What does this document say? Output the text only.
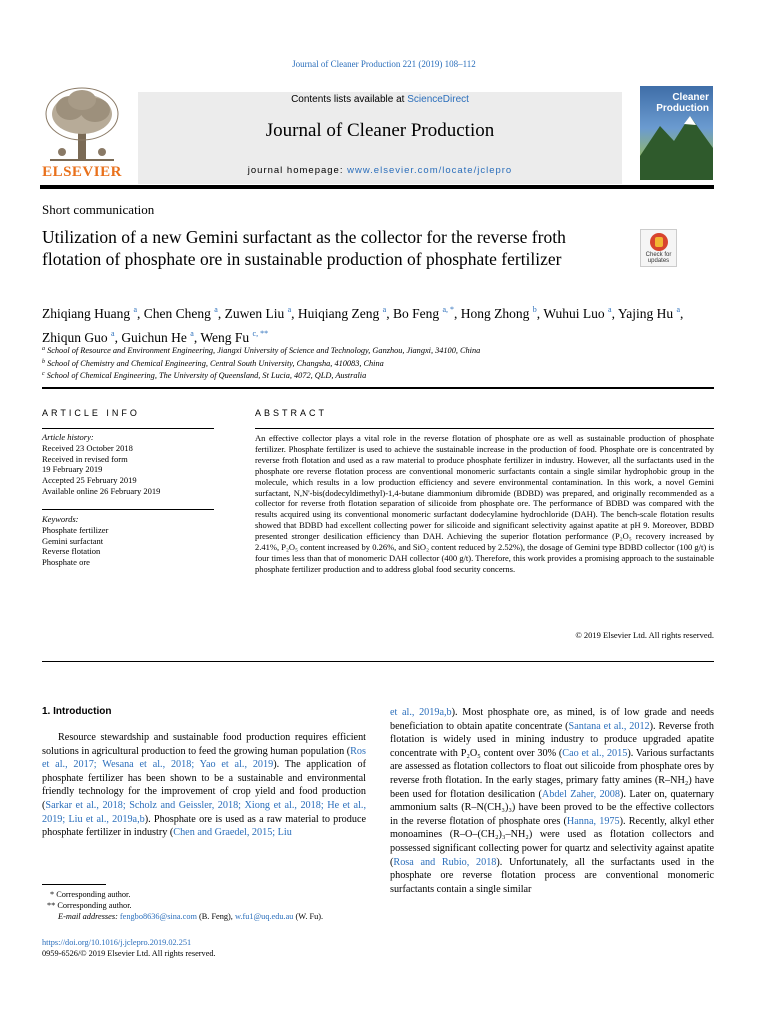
Journal of Cleaner Production 221 (2019) 108–112
ELSEVIER
Contents lists available at ScienceDirect
Journal of Cleaner Production
journal homepage: www.elsevier.com/locate/jclepro
Cleaner Production
Short communication
Utilization of a new Gemini surfactant as the collector for the reverse froth flotation of phosphate ore in sustainable production of phosphate fertilizer	Check for updates
Zhiqiang Huang $^a$, Chen Cheng $^a$, Zuwen Liu $^a$, Huiqiang Zeng $^a$, Bo Feng $^{a, *}$, Hong Zhong $^b$, Wuhui Luo $^a$, Yajing Hu $^a$, Zhiqun Guo $^a$, Guichun He $^a$, Weng Fu $^{c, **}$
$^a$ School of Resource and Environment Engineering, Jiangxi University of Science and Technology, Ganzhou, Jiangxi, 34100, China
$^b$ School of Chemistry and Chemical Engineering, Central South University, Changsha, 410083, China
$^c$ School of Chemical Engineering, The University of Queensland, St Lucia, 4072, QLD, Australia
ARTICLE INFO
Article history:
Received 23 October 2018
Received in revised form
19 February 2019
Accepted 25 February 2019
Available online 26 February 2019
Keywords:
Phosphate fertilizer
Gemini surfactant
Reverse flotation
Phosphate ore
ABSTRACT
An effective collector plays a vital role in the reverse flotation of phosphate ore as well as sustainable production of phosphate fertilizer. Phosphate fertilizer is used to achieve the sustainable increase in the production of food. Phosphate ore is concentrated by reverse froth flotation and used as a raw material to produce phosphate fertilizer in industry. However, all the surfactants used in the phosphate ore reverse flotation process are conventional monomeric surfactants contain a single similar hydrophobic group in the molecule, which results in a low production efficiency and severe environmental contamination. In this work, a novel Gemini surfactant, N,N'-bis(dodecyldimethyl)-1,4-butane diammonium dibromide (BDBD) was prepared, and originally recommended as a collector for reverse froth flotation separation of silicoide from phosphate ore. The performance of BDBD was compared with the results acquired using its conventional monomeric surfactant dodecylamine hydrochloride (DAH). The bench-scale flotation results showed that BDBD had excellent collecting power for silicoide and significant selectivity against apatite at pH 9. Moreover, BDBD presented stronger desilication efficiency than DAH. Achieving the superior flotation performance (P₂O₅ recovery increased by 2.41%, P₂O₅ content increased by 0.26%, and SiO₂ content reduced by 2.52%), the dosage of Gemini type BDBD collector (100 g/t) is four times less than that of monomeric DAH collector (400 g/t). Therefore, this work provides a promising approach to the sustainable phosphate fertilizer production and to address global food security concerns.
© 2019 Elsevier Ltd. All rights reserved.
1. Introduction
Resource stewardship and sustainable food production requires efficient solutions in agricultural production to feed the growing human population (Ros et al., 2017; Wesana et al., 2018; Yao et al., 2019). The application of phosphate fertilizer has been shown to be a sustainable and environmental friendly technology for the improvement of crop yield and food production (Sarkar et al., 2018; Scholz and Geissler, 2018; Xiong et al., 2018; He et al., 2019; Liu et al., 2019a,b). Phosphate ore is used as a raw material to produce phosphate fertilizer in industry (Chen and Graedel, 2015; Liu
et al., 2019a,b). Most phosphate ore, as mined, is of low grade and needs beneficiation to obtain apatite concentrate (Santana et al., 2012). Reverse froth flotation is widely used in mining industry to produce upgraded apatite concentrate with P₂O₅ content over 30% (Cao et al., 2015). Various surfactants are assessed as flotation collectors to float out silicoide from phosphate ores by reverse froth flotation. In the early stages, primary fatty amines (R–NH₂) have been used for flotation desilication (Abdel Zaher, 2008). Later on, quaternary ammonium salts (R–N(CH₃)₃) have been proved to be the effective collectors in the reverse flotation of phosphate ores (Hanna, 1975). Recently, alkyl ether monoamines (R–O–(CH₂)₃–NH₂) were used as flotation collectors and possessed significant collecting power for quartz and selectivity against apatite (Rosa and Rubio, 2018). Unfortunately, all the surfactants used in the phosphate ore reverse flotation process are conventional monomeric surfactants contain a single similar
* Corresponding author.
** Corresponding author.
E-mail addresses: fengbo8636@sina.com (B. Feng), w.fu1@uq.edu.au (W. Fu).
https://doi.org/10.1016/j.jclepro.2019.02.251
0959-6526/© 2019 Elsevier Ltd. All rights reserved.
